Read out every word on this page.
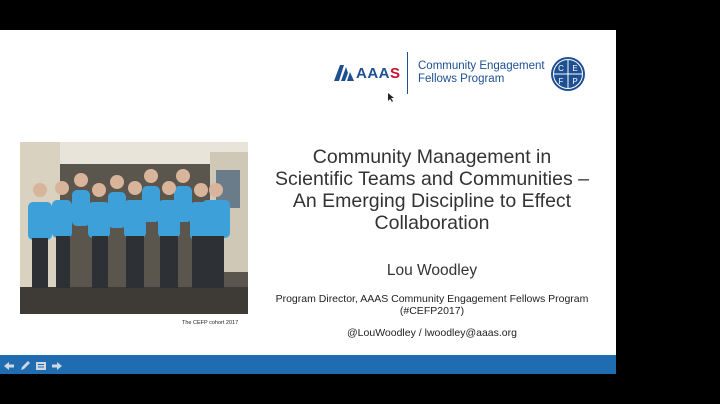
AAAS Community Engagement
Fellows Program
C E
F P
The CEFP cohort 2017
Community Management in
Scientific Teams and Communities –
An Emerging Discipline to Effect
Collaboration
Lou Woodley
Program Director, AAAS Community Engagement Fellows Program
(#CEFP2017)
@LouWoodley / lwoodley@aaas.org
